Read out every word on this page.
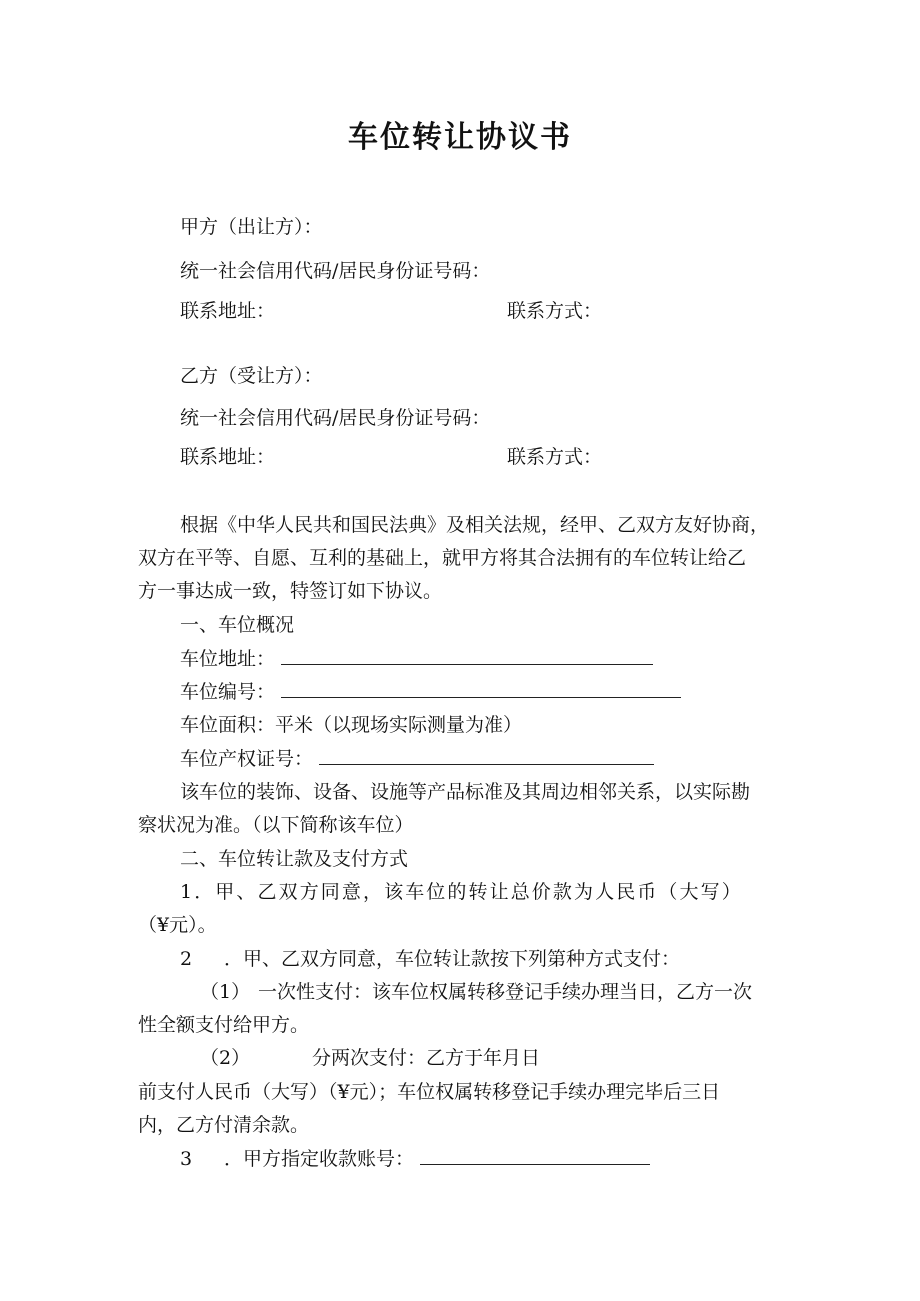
车位转让协议书
甲方（出让方）：
统一社会信用代码/居民身份证号码：
联系地址：	联系方式：
乙方（受让方）：
统一社会信用代码/居民身份证号码：
联系地址：	联系方式：
根据《中华人民共和国民法典》及相关法规，经甲、乙双方友好协商，
双方在平等、自愿、互利的基础上，就甲方将其合法拥有的车位转让给乙
方一事达成一致，特签订如下协议。
一、车位概况
车位地址：
车位编号：
车位面积：平米（以现场实际测量为准）
车位产权证号：
该车位的装饰、设备、设施等产品标准及其周边相邻关系，以实际勘
察状况为准。（以下简称该车位）
二、车位转让款及支付方式
1．甲、乙双方同意，该车位的转让总价款为人民币（大写）
（¥元）。
2 ．甲、乙双方同意，车位转让款按下列第种方式支付：
（1） 一次性支付：该车位权属转移登记手续办理当日，乙方一次
性全额支付给甲方。
（2）	分两次支付：乙方于年月日
前支付人民币（大写）（¥元）；车位权属转移登记手续办理完毕后三日
内，乙方付清余款。
3 ．甲方指定收款账号：
